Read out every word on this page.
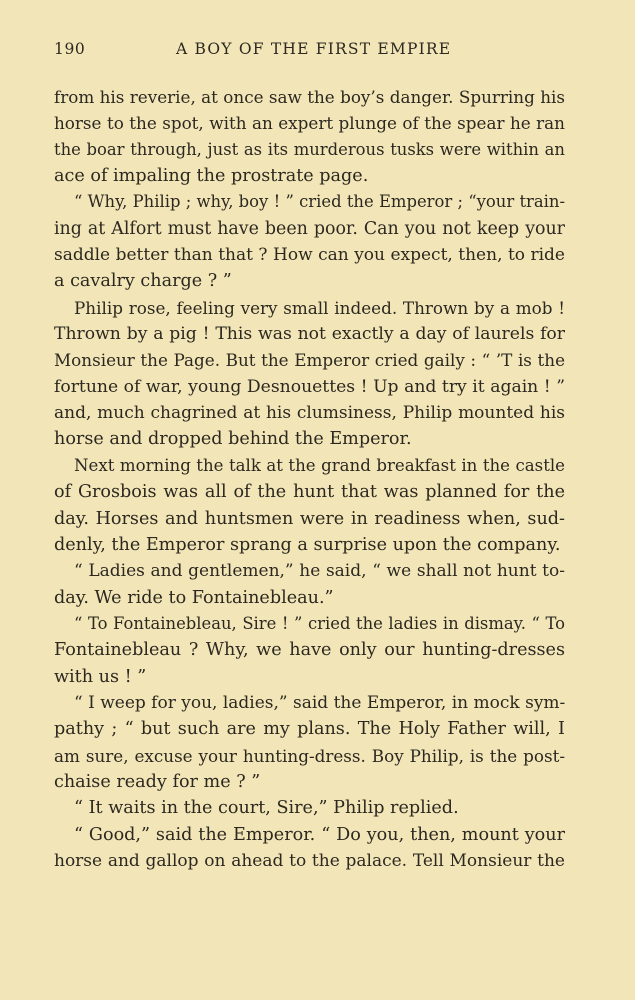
190	A BOY OF THE FIRST EMPIRE
from his reverie, at once saw the boy’s danger. Spurring his
horse to the spot, with an expert plunge of the spear he ran
the boar through, just as its murderous tusks were within an
ace of impaling the prostrate page.
“ Why, Philip ; why, boy ! ” cried the Emperor ; “your train-
ing at Alfort must have been poor. Can you not keep your
saddle better than that ? How can you expect, then, to ride
a cavalry charge ? ”
Philip rose, feeling very small indeed. Thrown by a mob !
Thrown by a pig ! This was not exactly a day of laurels for
Monsieur the Page. But the Emperor cried gaily : “ ’T is the
fortune of war, young Desnouettes ! Up and try it again ! ”
and, much chagrined at his clumsiness, Philip mounted his
horse and dropped behind the Emperor.
Next morning the talk at the grand breakfast in the castle
of Grosbois was all of the hunt that was planned for the
day. Horses and huntsmen were in readiness when, sud-
denly, the Emperor sprang a surprise upon the company.
“ Ladies and gentlemen,” he said, “ we shall not hunt to-
day. We ride to Fontainebleau.”
“ To Fontainebleau, Sire ! ” cried the ladies in dismay. “ To
Fontainebleau ? Why, we have only our hunting-dresses
with us ! ”
“ I weep for you, ladies,” said the Emperor, in mock sym-
pathy ; “ but such are my plans. The Holy Father will, I
am sure, excuse your hunting-dress. Boy Philip, is the post-
chaise ready for me ? ”
“ It waits in the court, Sire,” Philip replied.
“ Good,” said the Emperor. “ Do you, then, mount your
horse and gallop on ahead to the palace. Tell Monsieur the
